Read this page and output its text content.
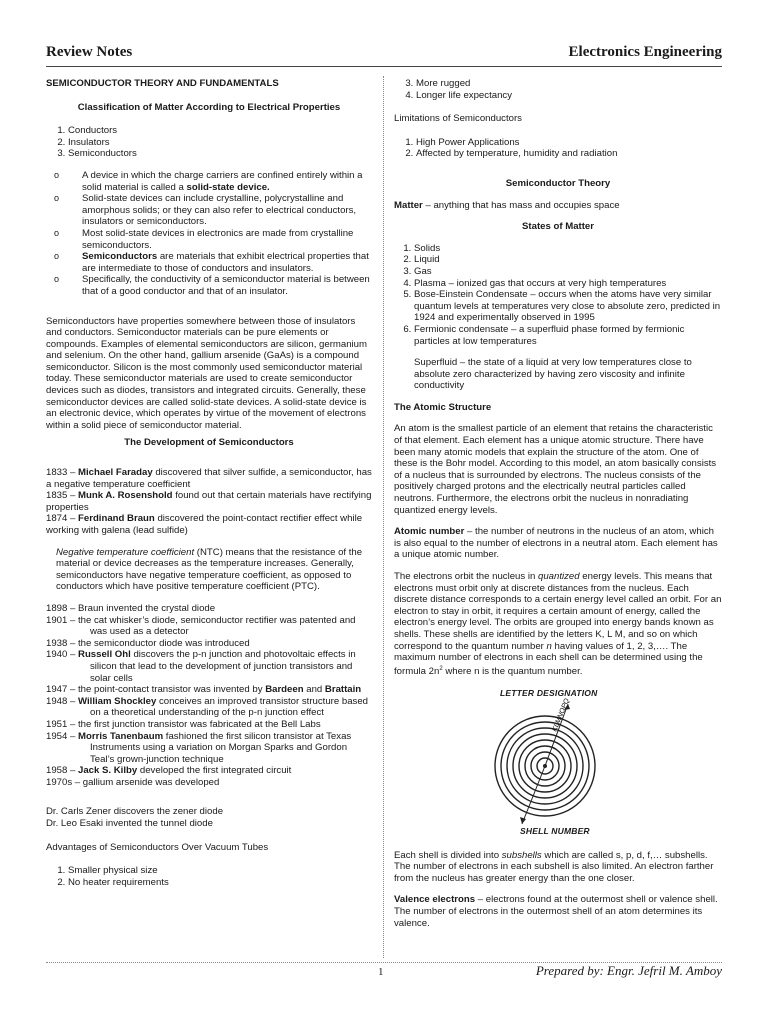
Review Notes	Electronics Engineering

SEMICONDUCTOR THEORY AND FUNDAMENTALS

Classification of Matter According to Electrical Properties

1. Conductors
2. Insulators
3. Semiconductors
o A device in which the charge carriers are confined entirely within a solid material is called a solid-state device.
o Solid-state devices can include crystalline, polycrystalline and amorphous solids; or they can also refer to electrical conductors, insulators or semiconductors.
o Most solid-state devices in electronics are made from crystalline semiconductors.
o Semiconductors are materials that exhibit electrical properties that are intermediate to those of conductors and insulators.
o Specifically, the conductivity of a semiconductor material is between that of a good conductor and that of an insulator.

Semiconductors have properties somewhere between those of insulators and conductors. Semiconductor materials can be pure elements or compounds. Examples of elemental semiconductors are silicon, germanium and selenium. On the other hand, gallium arsenide (GaAs) is a compound semiconductor. Silicon is the most commonly used semiconductor material today. These semiconductor materials are used to create semiconductor devices such as diodes, transistors and integrated circuits. Generally, these semiconductor devices are called solid-state devices. A solid-state device is an electronic device, which operates by virtue of the movement of electrons within a solid piece of semiconductor material.

The Development of Semiconductors

1833 – Michael Faraday discovered that silver sulfide, a semiconductor, has a negative temperature coefficient

1835 – Munk A. Rosenshold found out that certain materials have rectifying properties

1874 – Ferdinand Braun discovered the point-contact rectifier effect while working with galena (lead sulfide)

Negative temperature coefficient (NTC) means that the resistance of the material or device decreases as the temperature increases. Generally, semiconductors have negative temperature coefficient, as opposed to conductors which have positive temperature coefficient (PTC).

1898 – Braun invented the crystal diode

1901 – the cat whisker’s diode, semiconductor rectifier was patented and was used as a detector

1938 – the semiconductor diode was introduced

1940 – Russell Ohl discovers the p-n junction and photovoltaic effects in silicon that lead to the development of junction transistors and solar cells

1947 – the point-contact transistor was invented by Bardeen and Brattain

1948 – William Shockley conceives an improved transistor structure based on a theoretical understanding of the p-n junction effect

1951 – the first junction transistor was fabricated at the Bell Labs

1954 – Morris Tanenbaum fashioned the first silicon transistor at Texas Instruments using a variation on Morgan Sparks and Gordon Teal’s grown-junction technique

1958 – Jack S. Kilby developed the first integrated circuit

1970s – gallium arsenide was developed

Dr. Carls Zener discovers the zener diode

Dr. Leo Esaki invented the tunnel diode

Advantages of Semiconductors Over Vacuum Tubes

1. Smaller physical size
2. No heater requirements
3. More rugged
4. Longer life expectancy

Limitations of Semiconductors

1. High Power Applications
2. Affected by temperature, humidity and radiation

Semiconductor Theory

Matter – anything that has mass and occupies space

States of Matter

1. Solids
2. Liquid
3. Gas
4. Plasma – ionized gas that occurs at very high temperatures
5. Bose-Einstein Condensate – occurs when the atoms have very similar quantum levels at temperatures very close to absolute zero, predicted in 1924 and experimentally observed in 1995
6. Fermionic condensate – a superfluid phase formed by fermionic particles at low temperatures

Superfluid – the state of a liquid at very low temperatures close to absolute zero characterized by having zero viscosity and infinite conductivity

The Atomic Structure

An atom is the smallest particle of an element that retains the characteristic of that element. Each element has a unique atomic structure. There have been many atomic models that explain the structure of the atom. One of these is the Bohr model. According to this model, an atom basically consists of a nucleus that is surrounded by electrons. The nucleus consists of the positively charged protons and the electrically neutral particles called neutrons. Furthermore, the electrons orbit the nucleus in nonradiating quantized energy levels.

Atomic number – the number of neutrons in the nucleus of an atom, which is also equal to the number of electrons in a neutral atom. Each element has a unique atomic number.

The electrons orbit the nucleus in quantized energy levels. This means that electrons must orbit only at discrete distances from the nucleus. Each discrete distance corresponds to a certain energy level called an orbit. For an electron to stay in orbit, it requires a certain amount of energy, called the electron’s energy level. The orbits are grouped into energy bands known as shells. These shells are identified by the letters K, L M, and so on which correspond to the quantum number n having values of 1, 2, 3,…. The maximum number of electrons in each shell can be determined using the formula $2n^2$ where n is the quantum number.

LETTER DESIGNATION
KLMNOPQ
SHELL NUMBER

Each shell is divided into subshells which are called s, p, d, f,… subshells. The number of electrons in each subshell is also limited. An electron farther from the nucleus has greater energy than the one closer.

Valence electrons – electrons found at the outermost shell or valence shell. The number of electrons in the outermost shell of an atom determines its valence.

1	Prepared by: Engr. Jefril M. Amboy
